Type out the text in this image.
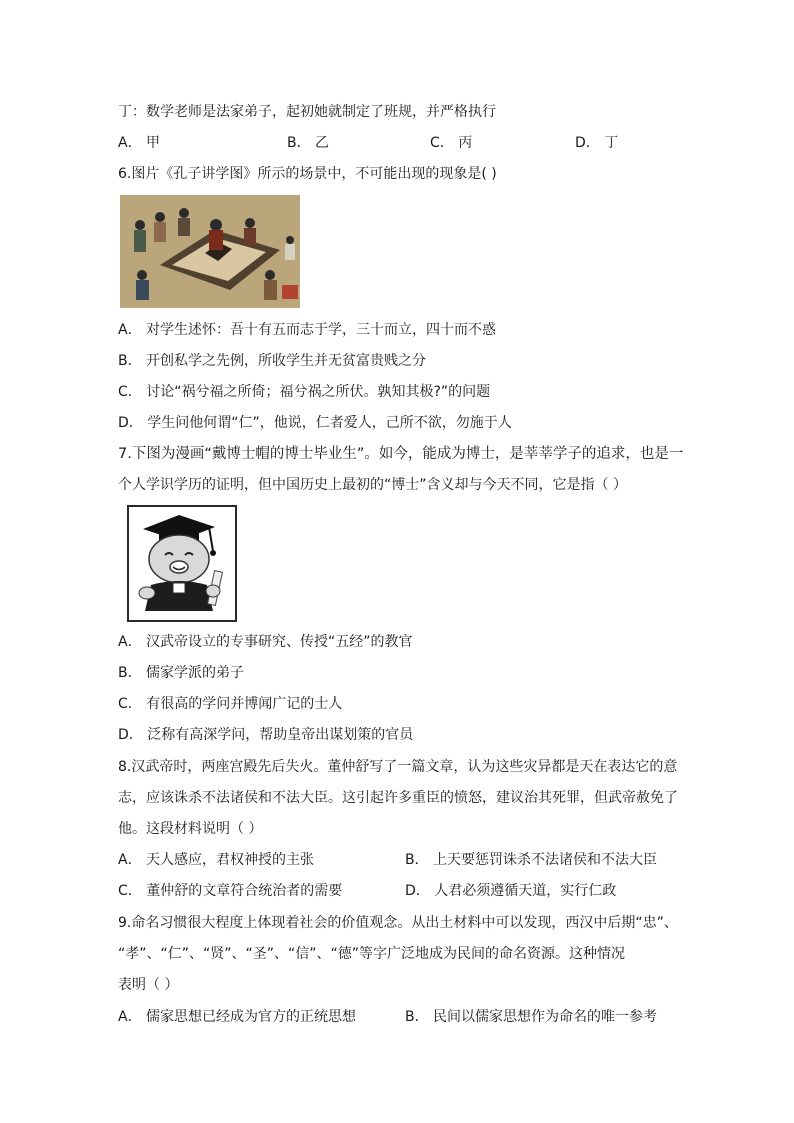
丁：数学老师是法家弟子，起初她就制定了班规，并严格执行
A． 甲	B． 乙	C． 丙	D． 丁
6.图片《孔子讲学图》所示的场景中，不可能出现的现象是( )
A． 对学生述怀：吾十有五而志于学，三十而立，四十而不惑
B． 开创私学之先例，所收学生并无贫富贵贱之分
C． 讨论“祸兮福之所倚；福兮祸之所伏。孰知其极?”的问题
D． 学生问他何谓“仁”，他说，仁者爱人，己所不欲，勿施于人
7.下图为漫画“戴博士帽的博士毕业生”。如今，能成为博士，是莘莘学子的追求，也是一
个人学识学历的证明，但中国历史上最初的“博士”含义却与今天不同，它是指（ ）
A． 汉武帝设立的专事研究、传授“五经”的教官
B． 儒家学派的弟子
C． 有很高的学问并博闻广记的士人
D． 泛称有高深学问，帮助皇帝出谋划策的官员
8.汉武帝时，两座宫殿先后失火。董仲舒写了一篇文章，认为这些灾异都是天在表达它的意
志，应该诛杀不法诸侯和不法大臣。这引起许多重臣的愤怒，建议治其死罪，但武帝赦免了
他。这段材料说明（ ）
A． 天人感应，君权神授的主张	B． 上天要惩罚诛杀不法诸侯和不法大臣
C． 董仲舒的文章符合统治者的需要	D． 人君必须遵循天道，实行仁政
9.命名习惯很大程度上体现着社会的价值观念。从出土材料中可以发现，西汉中后期“忠”、
“孝”、“仁”、“贤”、“圣”、“信”、“德”等字广泛地成为民间的命名资源。这种情况
表明（ ）
A． 儒家思想已经成为官方的正统思想	B． 民间以儒家思想作为命名的唯一参考
